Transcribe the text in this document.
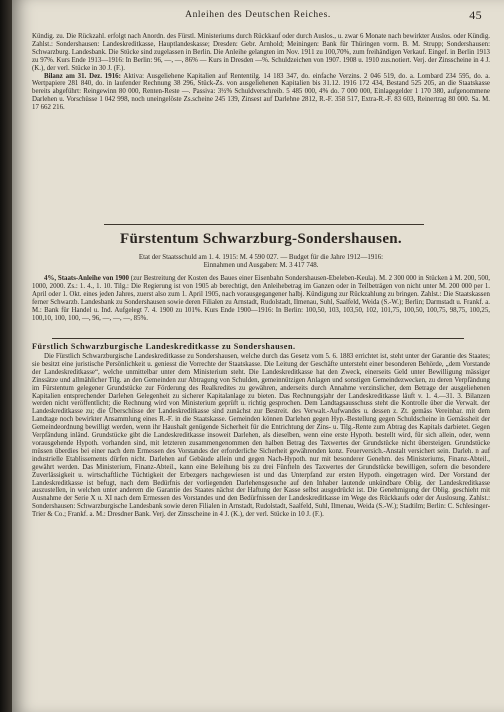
Anleihen des Deutschen Reiches.	45

Kündig. zu. Die Rückzahl. erfolgt nach Anordn. des Fürstl. Ministeriums durch Rückkauf oder durch Auslos., u. zwar 6 Monate nach bewirkter Auslos. oder Kündig. Zahlst.: Sondershausen: Landeskreditkasse, Hauptlandeskasse; Dresden: Gebr. Arnhold; Meiningen: Bank für Thüringen vorm. B. M. Strupp; Sondershausen: Schwarzburg. Landesbank. Die Stücke sind zugelassen in Berlin. Die Anleihe gelangten im Nov. 1911 zu 100,70%, zum freihändigen Verkauf. Eingef. in Berlin 1913 zu 97%. Kurs Ende 1913—1916: In Berlin: 96, —, —, 86% — Kurs in Dresden —%. Schuldzeichen von 1907. 1908 u. 1910 zus.notiert. Verj. der Zinsscheine in 4 J. (K.), der verl. Stücke in 30 J. (F.).

Bilanz am 31. Dez. 1916: Aktiva: Ausgeliehene Kapitalien auf Rententilg. 14 183 347, do. einfache Verzins. 2 046 519, do. a. Lombard 234 595, do. a. Wertpapiere 281 840, do. in laufender Rechnung 38 296, Stück-Zs. von ausgeliehenen Kapitalien bis 31.12. 1916 172 434, Bestand 525 205, an die Staatskasse bereits abgeführt: Reingewinn 80 000, Renten-Reste —. Passiva: 3½% Schuldverschreib. 5 485 000, 4% do. 7 000 000, Einlagegelder 1 170 380, aufgenommene Darlehen u. Vorschüsse 1 042 998, noch uneingelöste Zs.scheine 245 139, Zinsest auf Darlehne 2812, R.-F. 358 517, Extra-R.-F. 83 603, Reinertrag 80 000. Sa. M. 17 662 216.

Fürstentum Schwarzburg-Sondershausen.

Etat der Staatsschuld am 1. 4. 1915: M. 4 590 027. — Budget für die Jahre 1912—1916:

Einnahmen und Ausgaben: M. 3 417 748.

4%, Staats-Anleihe von 1900 (zur Bestreitung der Kosten des Baues einer Eisenbahn Sondershausen-Ebeleben-Keula). M. 2 300 000 in Stücken à M. 200, 500, 1000, 2000. Zs.: 1. 4., 1. 10. Tilg.: Die Regierung ist von 1905 ab berechtigt, den Anleihebetrag im Ganzen oder in Teilbeträgen von nicht unter M. 200 000 per 1. April oder 1. Okt. eines jeden Jahres, zuerst also zum 1. April 1905, nach vorausgegangener halbj. Kündigung zur Rückzahlung zu bringen. Zahlst.: Die Staatskassen ferner Schwarzb. Landesbank zu Sondershausen sowie deren Filialen zu Arnstadt, Rudolstadt, Ilmenau, Suhl, Saalfeld, Weida (S.-W.); Berlin; Darmstadt u. Frankf. a. M.: Bank für Handel u. Ind. Aufgelegt 7. 4. 1900 zu 101%. Kurs Ende 1900—1916: In Berlin: 100,50, 103, 103,50, 102, 101,75, 100,50, 100,75, 98,75, 100,25, 100,10, 100, 100, —, 96, —, —, —, 85%.

Fürstlich Schwarzburgische Landeskreditkasse zu Sondershausen.

Die Fürstlich Schwarzburgische Landeskreditkasse zu Sondershausen, welche durch das Gesetz vom 5. 6. 1883 errichtet ist, steht unter der Garantie des Staates; sie besitzt eine juristische Persönlichkeit u. geniesst die Vorrechte der Staatskasse. Die Leitung der Geschäfte untersteht einer besonderen Behörde, „dem Vorstande der Landeskreditkasse“, welche unmittelbar unter dem Ministerium steht. Die Landeskreditkasse hat den Zweck, einerseits Geld unter Bewilligung mässiger Zinssätze und allmählicher Tilg. an den Gemeinden zur Abtragung von Schulden, gemeinnützigen Anlagen und sonstigen Gemeindezwecken, zu deren Verpfändung im Fürstentum gelegener Grundstücke zur Förderung des Realkredites zu gewähren, anderseits durch Annahme verzinslicher, dem Betrage der ausgeliehenen Kapitalien entsprechender Darlehen Gelegenheit zu sicherer Kapitalanlage zu bieten. Das Rechnungsjahr der Landeskreditkasse läuft v. 1. 4.—31. 3. Bilanzen werden nicht veröffentlicht; die Rechnung wird von Ministerium geprüft u. richtig gesprochen. Dem Landtagsausschuss steht die Kontrolle über die Verwalt. der Landeskreditkasse zu; die Überschüsse der Landeskreditkasse sind zunächst zur Bestreit. des Verwalt.-Aufwandes u. dessen z. Zt. gemäss Vereinbar. mit dem Landtage noch bewirkter Ansammlung eines R.-F. in die Staatskasse. Gemeinden können Darlehen gegen Hyp.-Bestellung gegen Schuldscheine in Gemässheit der Gemeindeordnung bewilligt werden, wenn ihr Haushalt genügende Sicherheit für die Entrichtung der Zins- u. Tilg.-Rente zum Abtrag des Kapitals darbietet. Gegen Verpfändung inländ. Grundstücke gibt die Landeskreditkasse insoweit Darlehen, als dieselben, wenn eine erste Hypoth. bestellt wird, für sich allein, oder, wenn vorausgehende Hypoth. vorhanden sind, mit letzteren zusammengenommen den halben Betrag des Taxwertes der Grundstücke nicht übersteigen. Grundstücke müssen überdies bei einer nach dem Ermessen des Vorstandes der erforderliche Sicherheit gewährenden konz. Feuerversich.-Anstalt versichert sein. Darleh. n auf industrielle Etablissements dürfen nicht. Darlehen auf Gebäude allein und gegen Nach-Hypoth. nur mit besonderer Genehm. des Ministeriums, Finanz-Abteil., gewährt werden. Das Ministerium, Finanz-Abteil., kann eine Beleihung bis zu drei Fünfteln des Taxwertes der Grundstücke bewilligen, sofern die besondere Zuverlässigkeit u. wirtschaftliche Tüchtigkeit der Erbezgers nachgewiesen ist und das Unterpfand zur ersten Hypoth. eingetragen wird. Der Vorstand der Landeskreditkasse ist befugt, nach dem Bedürfnis der vorliegenden Darlehensgesuche auf den Inhaber lautende unkündbare Oblig. der Landeskreditkasse auszustellen, in welchen unter anderem die Garantie des Staates nächst der Haftung der Kasse selbst ausgedrückt ist. Die Genehmigung der Oblig. geschieht mit Ausnahme der Serie X u. XI nach dem Ermessen des Vorstandes und den Bedürfnissen der Landeskreditkasse im Wege des Rückkaufs oder der Auslosung. Zahlst.: Sondershausen: Schwarzburgische Landesbank sowie deren Filialen in Arnstadt, Rudolstadt, Saalfeld, Suhl, Ilmenau, Weida (S.-W.); Stadtilm; Berlin: C. Schlesinger-Trier & Co.; Frankf. a. M.: Dresdner Bank. Verj. der Zinsscheine in 4 J. (K.), der verl. Stücke in 10 J. (F.).
